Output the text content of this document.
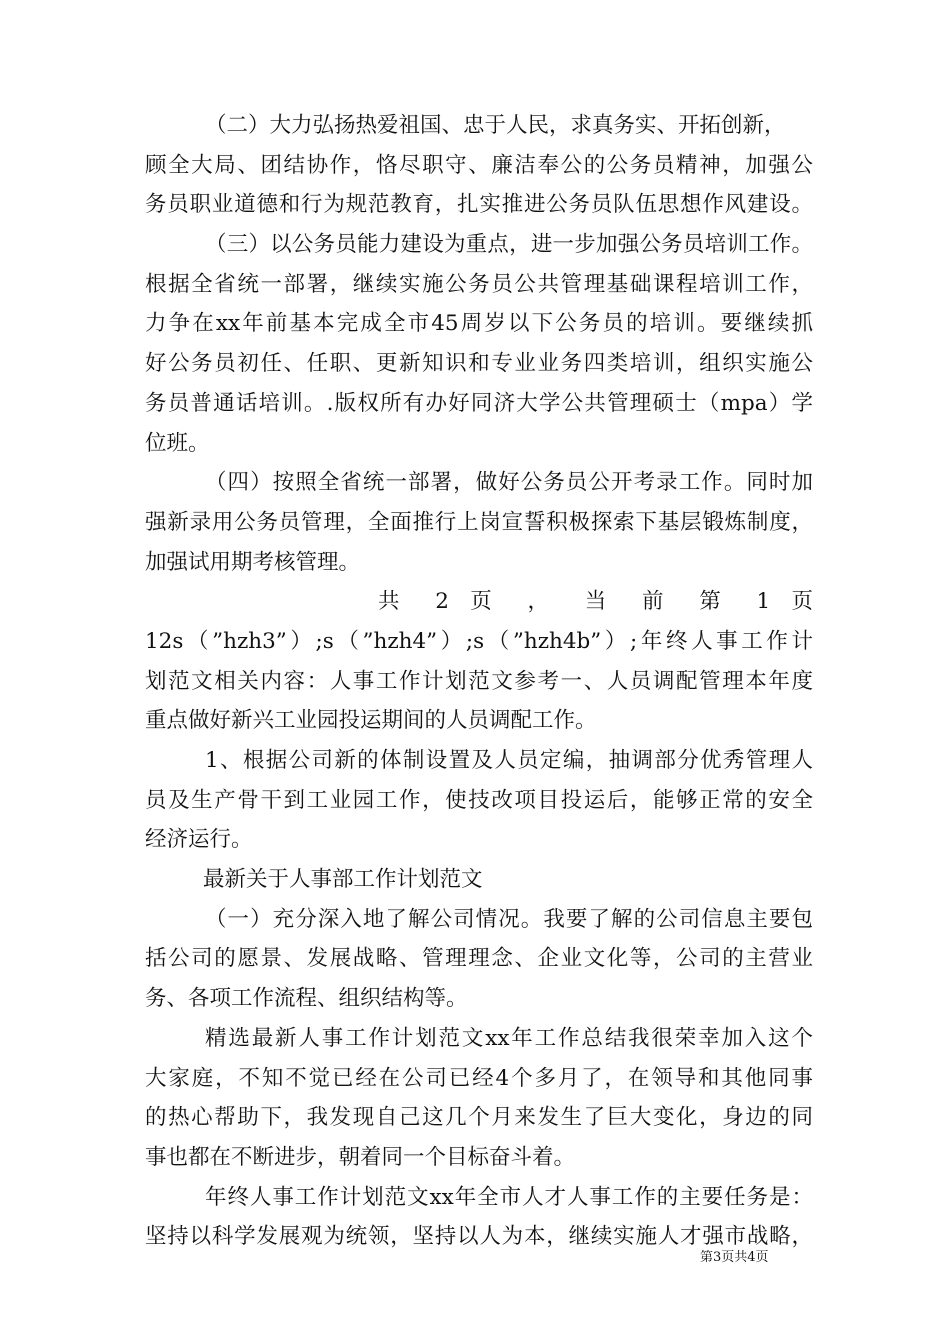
（二）大力弘扬热爱祖国、忠于人民，求真务实、开拓创新，
顾全大局、团结协作，恪尽职守、廉洁奉公的公务员精神，加强公
务员职业道德和行为规范教育，扎实推进公务员队伍思想作风建设。
（三）以公务员能力建设为重点，进一步加强公务员培训工作。
根据全省统一部署，继续实施公务员公共管理基础课程培训工作，
力争在xx年前基本完成全市45周岁以下公务员的培训。要继续抓
好公务员初任、任职、更新知识和专业业务四类培训，组织实施公
务员普通话培训。.版权所有办好同济大学公共管理硕士（mpa）学
位班。
（四）按照全省统一部署，做好公务员公开考录工作。同时加
强新录用公务员管理，全面推行上岗宣誓积极探索下基层锻炼制度，
加强试用期考核管理。
共 2 页 ， 当 前 第 1 页
12s（”hzh3”）;s（”hzh4”）;s（”hzh4b”）;年终人事工作计
划范文相关内容：人事工作计划范文参考一、人员调配管理本年度
重点做好新兴工业园投运期间的人员调配工作。
1、根据公司新的体制设置及人员定编，抽调部分优秀管理人
员及生产骨干到工业园工作，使技改项目投运后，能够正常的安全
经济运行。
最新关于人事部工作计划范文
（一）充分深入地了解公司情况。我要了解的公司信息主要包
括公司的愿景、发展战略、管理理念、企业文化等，公司的主营业
务、各项工作流程、组织结构等。
精选最新人事工作计划范文xx年工作总结我很荣幸加入这个
大家庭，不知不觉已经在公司已经4个多月了，在领导和其他同事
的热心帮助下，我发现自己这几个月来发生了巨大变化，身边的同
事也都在不断进步，朝着同一个目标奋斗着。
年终人事工作计划范文xx年全市人才人事工作的主要任务是：
坚持以科学发展观为统领，坚持以人为本，继续实施人才强市战略，
第3页共4页
